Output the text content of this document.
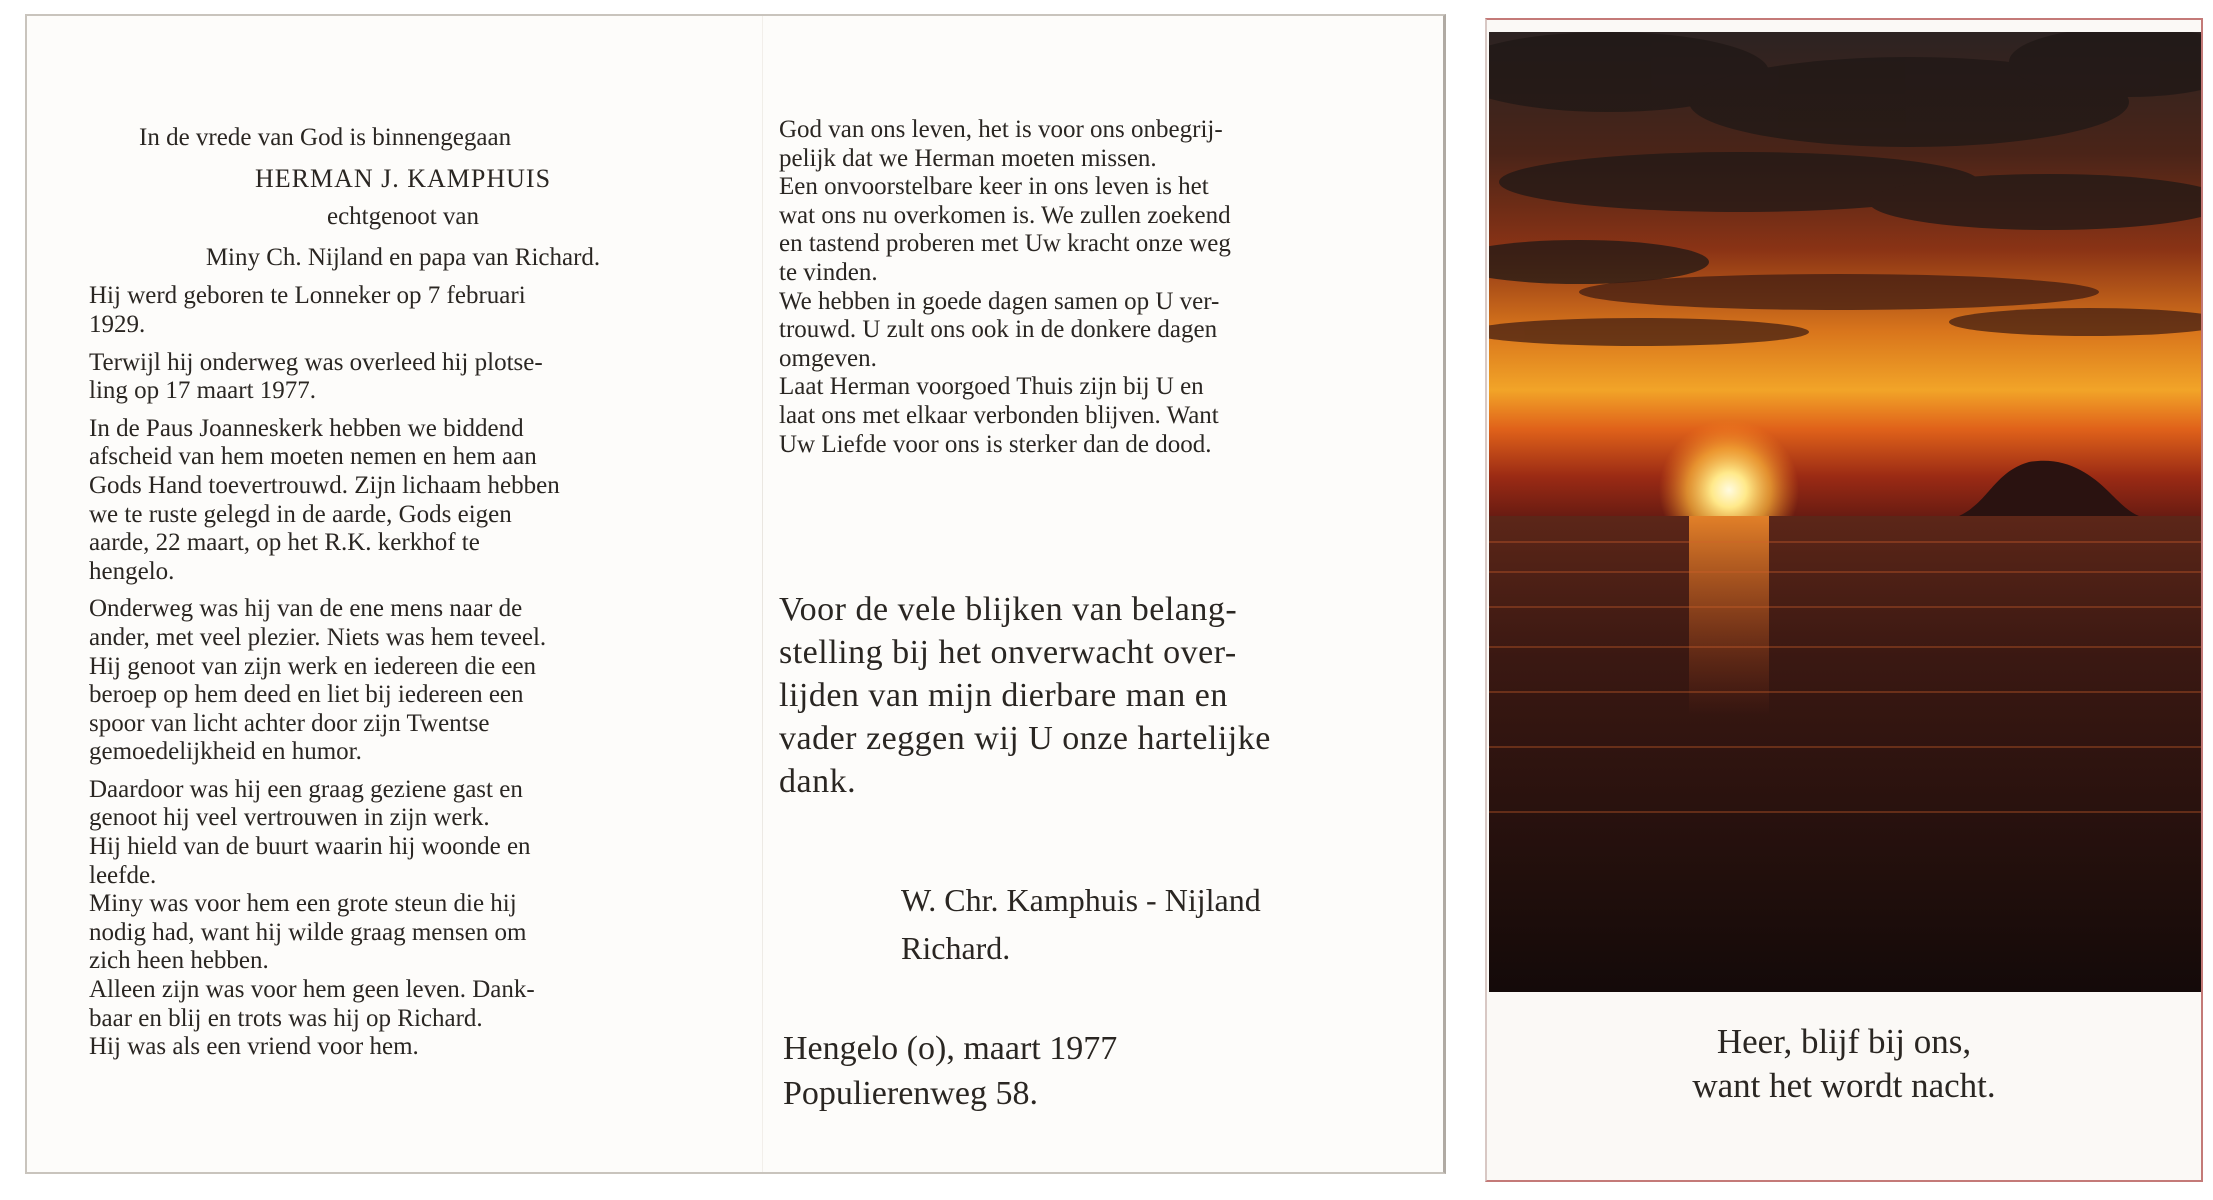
In de vrede van God is binnengegaan
HERMAN J. KAMPHUIS
echtgenoot van
Miny Ch. Nijland en papa van Richard.
Hij werd geboren te Lonneker op 7 februari
1929.
Terwijl hij onderweg was overleed hij plotse-
ling op 17 maart 1977.
In de Paus Joanneskerk hebben we biddend
afscheid van hem moeten nemen en hem aan
Gods Hand toevertrouwd. Zijn lichaam hebben
we te ruste gelegd in de aarde, Gods eigen
aarde, 22 maart, op het R.K. kerkhof te
hengelo.
Onderweg was hij van de ene mens naar de
ander, met veel plezier. Niets was hem teveel.
Hij genoot van zijn werk en iedereen die een
beroep op hem deed en liet bij iedereen een
spoor van licht achter door zijn Twentse
gemoedelijkheid en humor.
Daardoor was hij een graag geziene gast en
genoot hij veel vertrouwen in zijn werk.
Hij hield van de buurt waarin hij woonde en
leefde.
Miny was voor hem een grote steun die hij
nodig had, want hij wilde graag mensen om
zich heen hebben.
Alleen zijn was voor hem geen leven. Dank-
baar en blij en trots was hij op Richard.
Hij was als een vriend voor hem.
God van ons leven, het is voor ons onbegrij-
pelijk dat we Herman moeten missen.
Een onvoorstelbare keer in ons leven is het
wat ons nu overkomen is. We zullen zoekend
en tastend proberen met Uw kracht onze weg
te vinden.
We hebben in goede dagen samen op U ver-
trouwd. U zult ons ook in de donkere dagen
omgeven.
Laat Herman voorgoed Thuis zijn bij U en
laat ons met elkaar verbonden blijven. Want
Uw Liefde voor ons is sterker dan de dood.
Voor de vele blijken van belang-
stelling bij het onverwacht over-
lijden van mijn dierbare man en
vader zeggen wij U onze hartelijke
dank.
W. Chr. Kamphuis - Nijland
Richard.
Hengelo (o), maart 1977
Populierenweg 58.
Heer, blijf bij ons,
want het wordt nacht.
